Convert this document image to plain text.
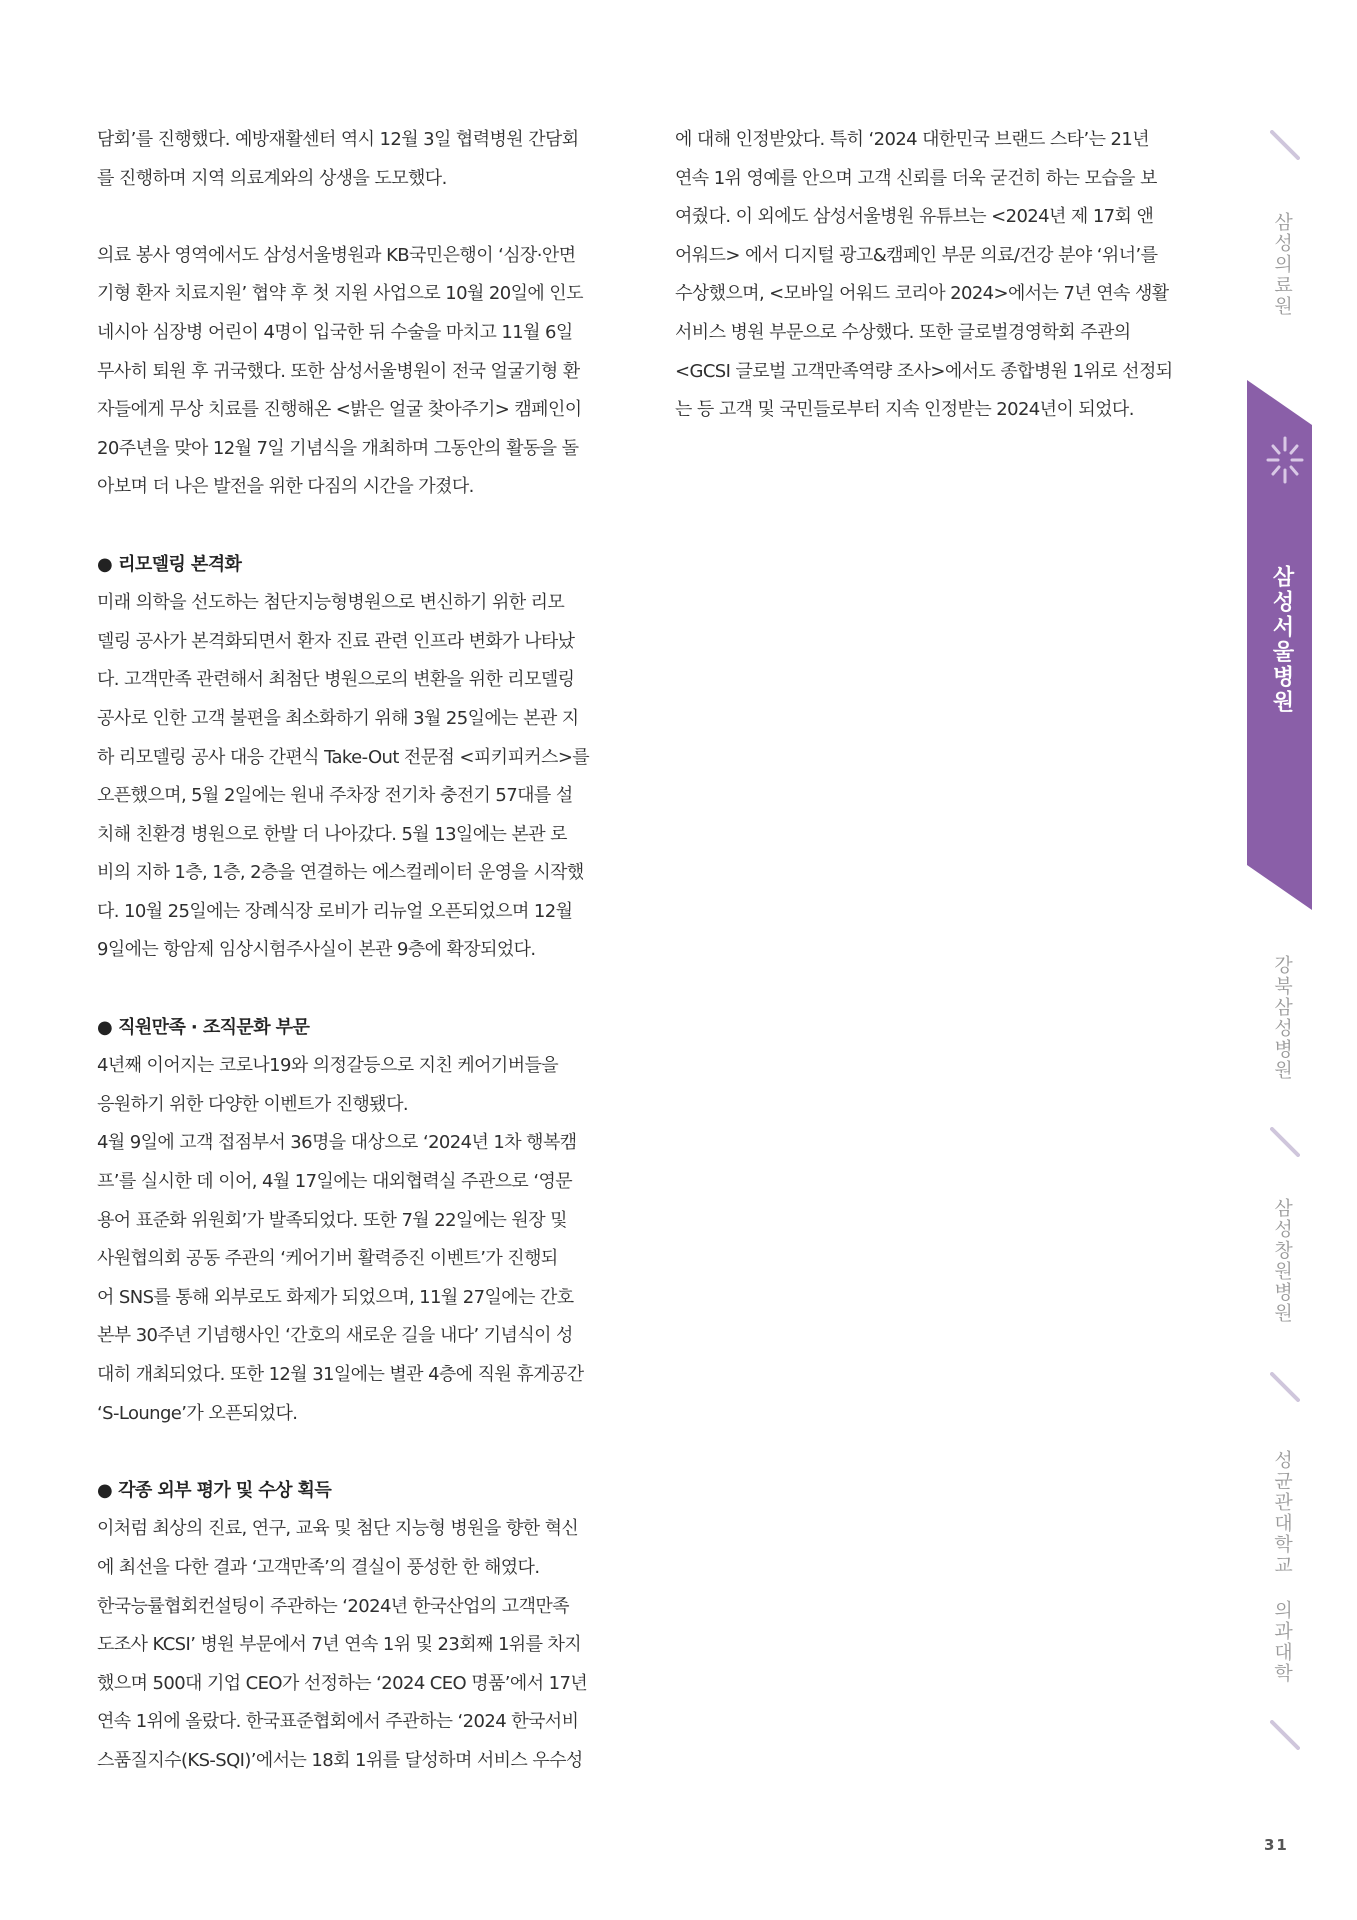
담회’를 진행했다. 예방재활센터 역시 12월 3일 협력병원 간담회
를 진행하며 지역 의료계와의 상생을 도모했다.
의료 봉사 영역에서도 삼성서울병원과 KB국민은행이 ‘심장·안면
기형 환자 치료지원’ 협약 후 첫 지원 사업으로 10월 20일에 인도
네시아 심장병 어린이 4명이 입국한 뒤 수술을 마치고 11월 6일
무사히 퇴원 후 귀국했다. 또한 삼성서울병원이 전국 얼굴기형 환
자들에게 무상 치료를 진행해온 <밝은 얼굴 찾아주기> 캠페인이
20주년을 맞아 12월 7일 기념식을 개최하며 그동안의 활동을 돌
아보며 더 나은 발전을 위한 다짐의 시간을 가졌다.
● 리모델링 본격화
미래 의학을 선도하는 첨단지능형병원으로 변신하기 위한 리모
델링 공사가 본격화되면서 환자 진료 관련 인프라 변화가 나타났
다. 고객만족 관련해서 최첨단 병원으로의 변환을 위한 리모델링
공사로 인한 고객 불편을 최소화하기 위해 3월 25일에는 본관 지
하 리모델링 공사 대응 간편식 Take-Out 전문점 <피키피커스>를
오픈했으며, 5월 2일에는 원내 주차장 전기차 충전기 57대를 설
치해 친환경 병원으로 한발 더 나아갔다. 5월 13일에는 본관 로
비의 지하 1층, 1층, 2층을 연결하는 에스컬레이터 운영을 시작했
다. 10월 25일에는 장례식장 로비가 리뉴얼 오픈되었으며 12월
9일에는 항암제 임상시험주사실이 본관 9층에 확장되었다.
● 직원만족 · 조직문화 부문
4년째 이어지는 코로나19와 의정갈등으로 지친 케어기버들을
응원하기 위한 다양한 이벤트가 진행됐다.
4월 9일에 고객 접점부서 36명을 대상으로 ‘2024년 1차 행복캠
프’를 실시한 데 이어, 4월 17일에는 대외협력실 주관으로 ‘영문
용어 표준화 위원회’가 발족되었다. 또한 7월 22일에는 원장 및
사원협의회 공동 주관의 ‘케어기버 활력증진 이벤트’가 진행되
어 SNS를 통해 외부로도 화제가 되었으며, 11월 27일에는 간호
본부 30주년 기념행사인 ‘간호의 새로운 길을 내다’ 기념식이 성
대히 개최되었다. 또한 12월 31일에는 별관 4층에 직원 휴게공간
‘S-Lounge’가 오픈되었다.
● 각종 외부 평가 및 수상 획득
이처럼 최상의 진료, 연구, 교육 및 첨단 지능형 병원을 향한 혁신
에 최선을 다한 결과 ‘고객만족’의 결실이 풍성한 한 해였다.
한국능률협회컨설팅이 주관하는 ‘2024년 한국산업의 고객만족
도조사 KCSI’ 병원 부문에서 7년 연속 1위 및 23회째 1위를 차지
했으며 500대 기업 CEO가 선정하는 ‘2024 CEO 명품’에서 17년
연속 1위에 올랐다. 한국표준협회에서 주관하는 ‘2024 한국서비
스품질지수(KS-SQI)’에서는 18회 1위를 달성하며 서비스 우수성
에 대해 인정받았다. 특히 ‘2024 대한민국 브랜드 스타’는 21년
연속 1위 영예를 안으며 고객 신뢰를 더욱 굳건히 하는 모습을 보
여줬다. 이 외에도 삼성서울병원 유튜브는 <2024년 제 17회 앤
어워드> 에서 디지털 광고&캠페인 부문 의료/건강 분야 ‘위너’를
수상했으며, <모바일 어워드 코리아 2024>에서는 7년 연속 생활
서비스 병원 부문으로 수상했다. 또한 글로벌경영학회 주관의
<GCSI 글로벌 고객만족역량 조사>에서도 종합병원 1위로 선정되
는 등 고객 및 국민들로부터 지속 인정받는 2024년이 되었다.
삼성의료원
삼성서울병원
강북삼성병원
삼성창원병원
성균관대학교 의과대학
31
